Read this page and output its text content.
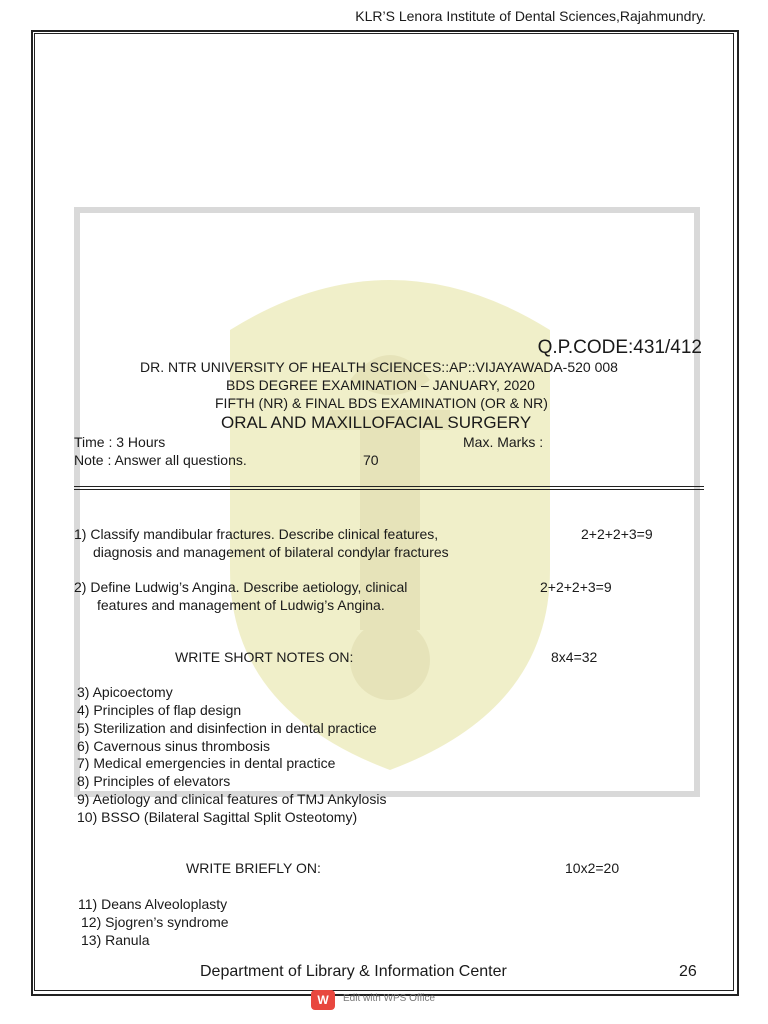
KLR’S Lenora Institute of Dental Sciences,Rajahmundry.
Q.P.CODE:431/412
DR. NTR UNIVERSITY OF HEALTH SCIENCES::AP::VIJAYAWADA-520 008
BDS DEGREE EXAMINATION – JANUARY, 2020
FIFTH (NR) & FINAL BDS EXAMINATION (OR & NR)
ORAL AND MAXILLOFACIAL SURGERY
Time : 3 Hours	Max. Marks :
Note : Answer all questions.	70
1) Classify mandibular fractures. Describe clinical features,
diagnosis and management of bilateral condylar fractures
2+2+2+3=9
2) Define Ludwig’s Angina. Describe aetiology, clinical
features and management of Ludwig’s Angina.
2+2+2+3=9
WRITE SHORT NOTES ON:	8x4=32
3) Apicoectomy
4) Principles of flap design
5) Sterilization and disinfection in dental practice
6) Cavernous sinus thrombosis
7) Medical emergencies in dental practice
8) Principles of elevators
9) Aetiology and clinical features of TMJ Ankylosis
10) BSSO (Bilateral Sagittal Split Osteotomy)
WRITE BRIEFLY ON:	10x2=20
11) Deans Alveoloplasty
12) Sjogren’s syndrome
13) Ranula
Department of Library & Information Center	26
W	Edit with WPS Office
